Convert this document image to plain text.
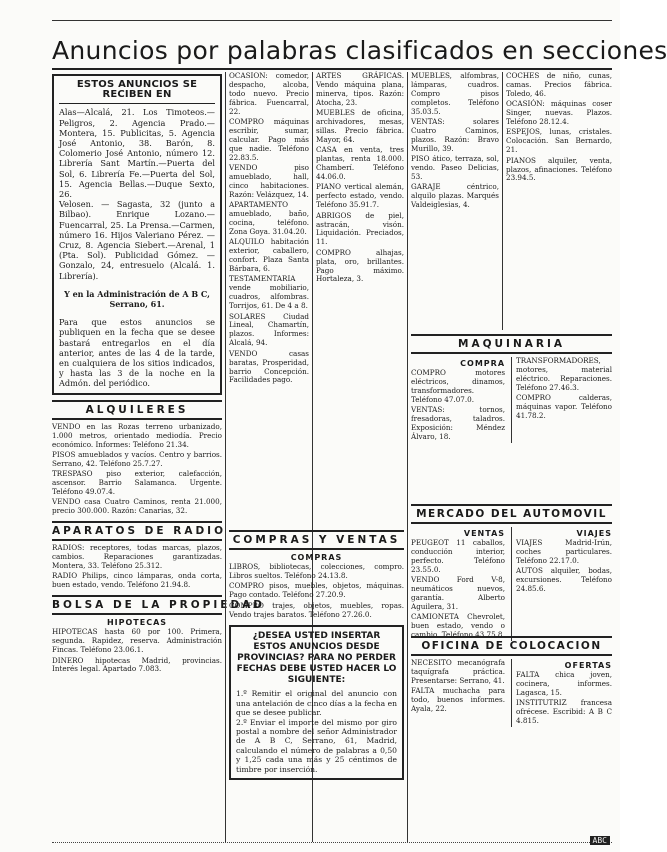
Anuncios por palabras clasificados en secciones
ESTOS ANUNCIOS SE RECIBEN EN
Alas—Alcalá, 21. Los Timoteos.—Peligros, 2. Agencia Prado.—Montera, 15. Publicitas, 5. Agencia José Antonio, 38. Barón, 8. Colomerio José Antonio, número 12. Librería Sant Martín.—Puerta del Sol, 6. Librería Fe.—Puerta del Sol, 15. Agencia Bellas.—Duque Sexto, 26.
Velosen. — Sagasta, 32 (junto a Bilbao). Enrique Lozano.—Fuencarral, 25. La Prensa.—Carmen, número 16. Hijos Valeriano Pérez. — Cruz, 8. Agencia Siebert.—Arenal, 1 (Pta. Sol). Publicidad Gómez. — Gonzalo, 24, entresuelo (Alcalá. 1. Librería).
Y en la Administración de A B C, Serrano, 61.
Para que estos anuncios se publiquen en la fecha que se desee bastará entregarlos en el día anterior, antes de las 4 de la tarde, en cualquiera de los sitios indicados, y hasta las 3 de la noche en la Admón. del periódico.
ALQUILERES
VENDO en las Rozas terreno urbanizado, 1.000 metros, orientado mediodía. Precio económico. Informes: Teléfono 21.34.
PISOS amueblados y vacíos. Centro y barrios. Serrano, 42. Teléfono 25.7.27.
TRESPASO piso exterior, calefacción, ascensor. Barrio Salamanca. Urgente. Teléfono 49.07.4.
VENDO casa Cuatro Caminos, renta 21.000, precio 300.000. Razón: Canarias, 32.
APARATOS DE RADIO
RADIOS: receptores, todas marcas, plazos, cambios. Reparaciones garantizadas. Montera, 33. Teléfono 25.312.
RADIO Philips, cinco lámparas, onda corta, buen estado, vendo. Teléfono 21.94.8.
BOLSA DE LA PROPIEDAD
HIPOTECAS
HIPOTECAS hasta 60 por 100. Primera, segunda. Rapidez, reserva. Administración Fincas. Teléfono 23.06.1.
DINERO hipotecas Madrid, provincias. Interés legal. Apartado 7.083.
OCASION: comedor, despacho, alcoba, todo nuevo. Precio fábrica. Fuencarral, 22.
COMPRO máquinas escribir, sumar, calcular. Pago más que nadie. Teléfono 22.83.5.
VENDO piso amueblado, hall, cinco habitaciones. Razón: Velázquez, 14.
APARTAMENTO amueblado, baño, cocina, teléfono. Zona Goya. 31.04.20.
ALQUILO habitación exterior, caballero, confort. Plaza Santa Bárbara, 6.
TESTAMENTARIA vende mobiliario, cuadros, alfombras. Torrijos, 61. De 4 a 8.
SOLARES Ciudad Lineal, Chamartín, plazos. Informes: Alcalá, 94.
VENDO casas baratas, Prosperidad, barrio Concepción. Facilidades pago.
ARTES GRÁFICAS. Vendo máquina plana, minerva, tipos. Razón: Atocha, 23.
MUEBLES de oficina, archivadores, mesas, sillas. Precio fábrica. Mayor, 64.
CASA en venta, tres plantas, renta 18.000. Chamberí. Teléfono 44.06.0.
PIANO vertical alemán, perfecto estado, vendo. Teléfono 35.91.7.
ABRIGOS de piel, astracán, visón. Liquidación. Preciados, 11.
COMPRO alhajas, plata, oro, brillantes. Pago máximo. Hortaleza, 3.
COMPRAS Y VENTAS
COMPRAS
LIBROS, bibliotecas, colecciones, compro. Libros sueltos. Teléfono 24.13.8.
COMPRO pisos, muebles, objetos, máquinas. Pago contado. Teléfono 27.20.9.
COMPRO trajes, objetos, muebles, ropas. Vendo trajes baratos. Teléfono 27.26.0.
¿DESEA USTED INSERTAR ESTOS ANUNCIOS DESDE PROVINCIAS? PARA NO PERDER FECHAS DEBE USTED HACER LO SIGUIENTE:
1.º Remitir el original del anuncio con una antelación de cinco días a la fecha en que se desee publicar.
2.º Enviar el importe del mismo por giro postal a nombre del señor Administrador de A B C, Serrano, 61, Madrid, calculando el número de palabras a 0,50 y 1,25 cada una más y 25 céntimos de timbre por inserción.
MUEBLES, alfombras, lámparas, cuadros. Compro pisos completos. Teléfono 35.03.5.
VENTAS: solares Cuatro Caminos, plazos. Razón: Bravo Murillo, 39.
PISO ático, terraza, sol, vendo. Paseo Delicias, 53.
GARAJE céntrico, alquilo plazas. Marqués Valdeiglesias, 4.
COCHES de niño, cunas, camas. Precios fábrica. Toledo, 46.
OCASIÓN: máquinas coser Singer, nuevas. Plazos. Teléfono 28.12.4.
ESPEJOS, lunas, cristales. Colocación. San Bernardo, 21.
PIANOS alquiler, venta, plazos, afinaciones. Teléfono 23.94.5.
MAQUINARIA
COMPRA
COMPRO motores eléctricos, dinamos, transformadores. Teléfono 47.07.0.
VENTAS: tornos, fresadoras, taladros. Exposición: Méndez Álvaro, 18.
TRANSFORMADORES, motores, material eléctrico. Reparaciones. Teléfono 27.46.3.
COMPRO calderas, máquinas vapor. Teléfono 41.78.2.
MERCADO DEL AUTOMOVIL
VENTAS
PEUGEOT 11 caballos, conducción interior, perfecto. Teléfono 23.55.0.
VENDO Ford V-8, neumáticos nuevos, garantía. Alberto Aguilera, 31.
CAMIONETA Chevrolet, buen estado, vendo o cambio. Teléfono 43.75.8.
VIAJES
VIAJES Madrid-Irún, coches particulares. Teléfono 22.17.0.
AUTOS alquiler, bodas, excursiones. Teléfono 24.85.6.
OFICINA DE COLOCACION
NECESITO mecanógrafa taquígrafa práctica. Presentarse: Serrano, 41.
FALTA muchacha para todo, buenos informes. Ayala, 22.
OFERTAS
FALTA chica joven, cocinera, informes. Lagasca, 15.
INSTITUTRIZ francesa ofrécese. Escribid: A B C 4.815.
ABC
